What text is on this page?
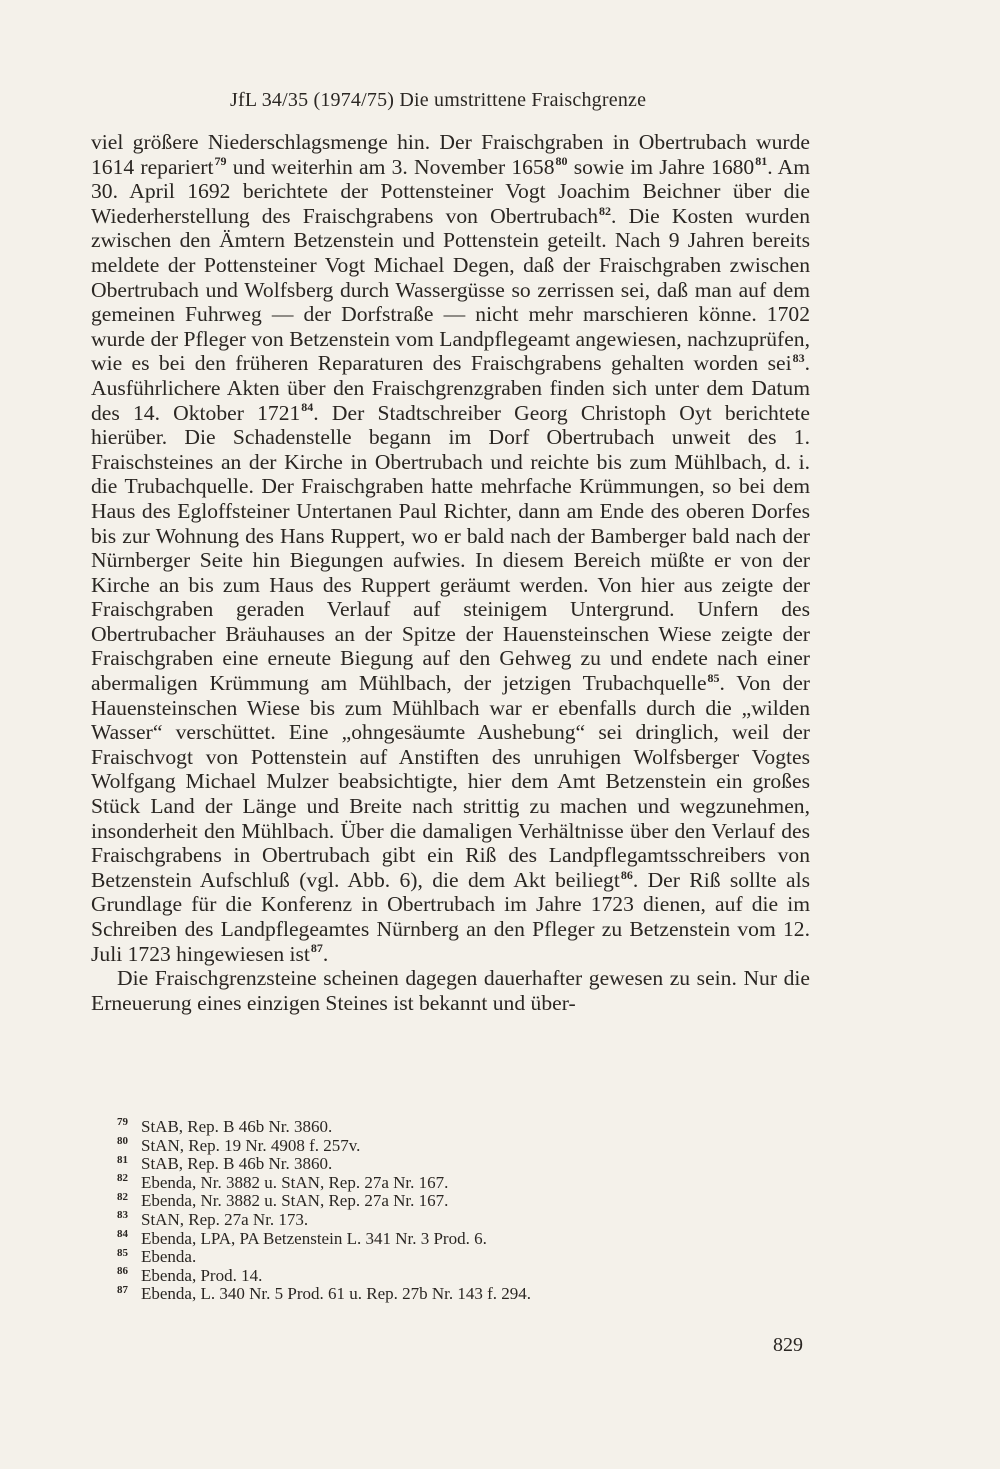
JfL 34/35 (1974/75) Die umstrittene Fraischgrenze

viel größere Niederschlagsmenge hin. Der Fraischgraben in Obertrubach wurde 1614 repariert$^{79}$ und weiterhin am 3. November 1658$^{80}$ sowie im Jahre 1680$^{81}$. Am 30. April 1692 berichtete der Pottensteiner Vogt Joachim Beichner über die Wiederherstellung des Fraischgrabens von Obertrubach$^{82}$. Die Kosten wurden zwischen den Ämtern Betzenstein und Pottenstein geteilt. Nach 9 Jahren bereits meldete der Pottensteiner Vogt Michael Degen, daß der Fraischgraben zwischen Obertrubach und Wolfsberg durch Wassergüsse so zerrissen sei, daß man auf dem gemeinen Fuhrweg — der Dorfstraße — nicht mehr marschieren könne. 1702 wurde der Pfleger von Betzenstein vom Landpflegeamt angewiesen, nachzuprüfen, wie es bei den früheren Reparaturen des Fraischgrabens gehalten worden sei$^{83}$. Ausführlichere Akten über den Fraischgrenzgraben finden sich unter dem Datum des 14. Oktober 1721$^{84}$. Der Stadtschreiber Georg Christoph Oyt berichtete hierüber. Die Schadenstelle begann im Dorf Obertrubach unweit des 1. Fraischsteines an der Kirche in Obertrubach und reichte bis zum Mühlbach, d. i. die Trubachquelle. Der Fraischgraben hatte mehrfache Krümmungen, so bei dem Haus des Egloffsteiner Untertanen Paul Richter, dann am Ende des oberen Dorfes bis zur Wohnung des Hans Ruppert, wo er bald nach der Bamberger bald nach der Nürnberger Seite hin Biegungen aufwies. In diesem Bereich müßte er von der Kirche an bis zum Haus des Ruppert geräumt werden. Von hier aus zeigte der Fraischgraben geraden Verlauf auf steinigem Untergrund. Unfern des Obertrubacher Bräuhauses an der Spitze der Hauensteinschen Wiese zeigte der Fraischgraben eine erneute Biegung auf den Gehweg zu und endete nach einer abermaligen Krümmung am Mühlbach, der jetzigen Trubachquelle$^{85}$. Von der Hauensteinschen Wiese bis zum Mühlbach war er ebenfalls durch die „wilden Wasser“ verschüttet. Eine „ohngesäumte Aushebung“ sei dringlich, weil der Fraischvogt von Pottenstein auf Anstiften des unruhigen Wolfsberger Vogtes Wolfgang Michael Mulzer beabsichtigte, hier dem Amt Betzenstein ein großes Stück Land der Länge und Breite nach strittig zu machen und wegzunehmen, insonderheit den Mühlbach. Über die damaligen Verhältnisse über den Verlauf des Fraischgrabens in Obertrubach gibt ein Riß des Landpflegamtsschreibers von Betzenstein Aufschluß (vgl. Abb. 6), die dem Akt beiliegt$^{86}$. Der Riß sollte als Grundlage für die Konferenz in Obertrubach im Jahre 1723 dienen, auf die im Schreiben des Landpflegeamtes Nürnberg an den Pfleger zu Betzenstein vom 12. Juli 1723 hingewiesen ist$^{87}$.

Die Fraischgrenzsteine scheinen dagegen dauerhafter gewesen zu sein. Nur die Erneuerung eines einzigen Steines ist bekannt und über-

79 StAB, Rep. B 46b Nr. 3860.
80 StAN, Rep. 19 Nr. 4908 f. 257v.
81 StAB, Rep. B 46b Nr. 3860.
82 Ebenda, Nr. 3882 u. StAN, Rep. 27a Nr. 167.
82 Ebenda, Nr. 3882 u. StAN, Rep. 27a Nr. 167.
83 StAN, Rep. 27a Nr. 173.
84 Ebenda, LPA, PA Betzenstein L. 341 Nr. 3 Prod. 6.
85 Ebenda.
86 Ebenda, Prod. 14.
87 Ebenda, L. 340 Nr. 5 Prod. 61 u. Rep. 27b Nr. 143 f. 294.
829
